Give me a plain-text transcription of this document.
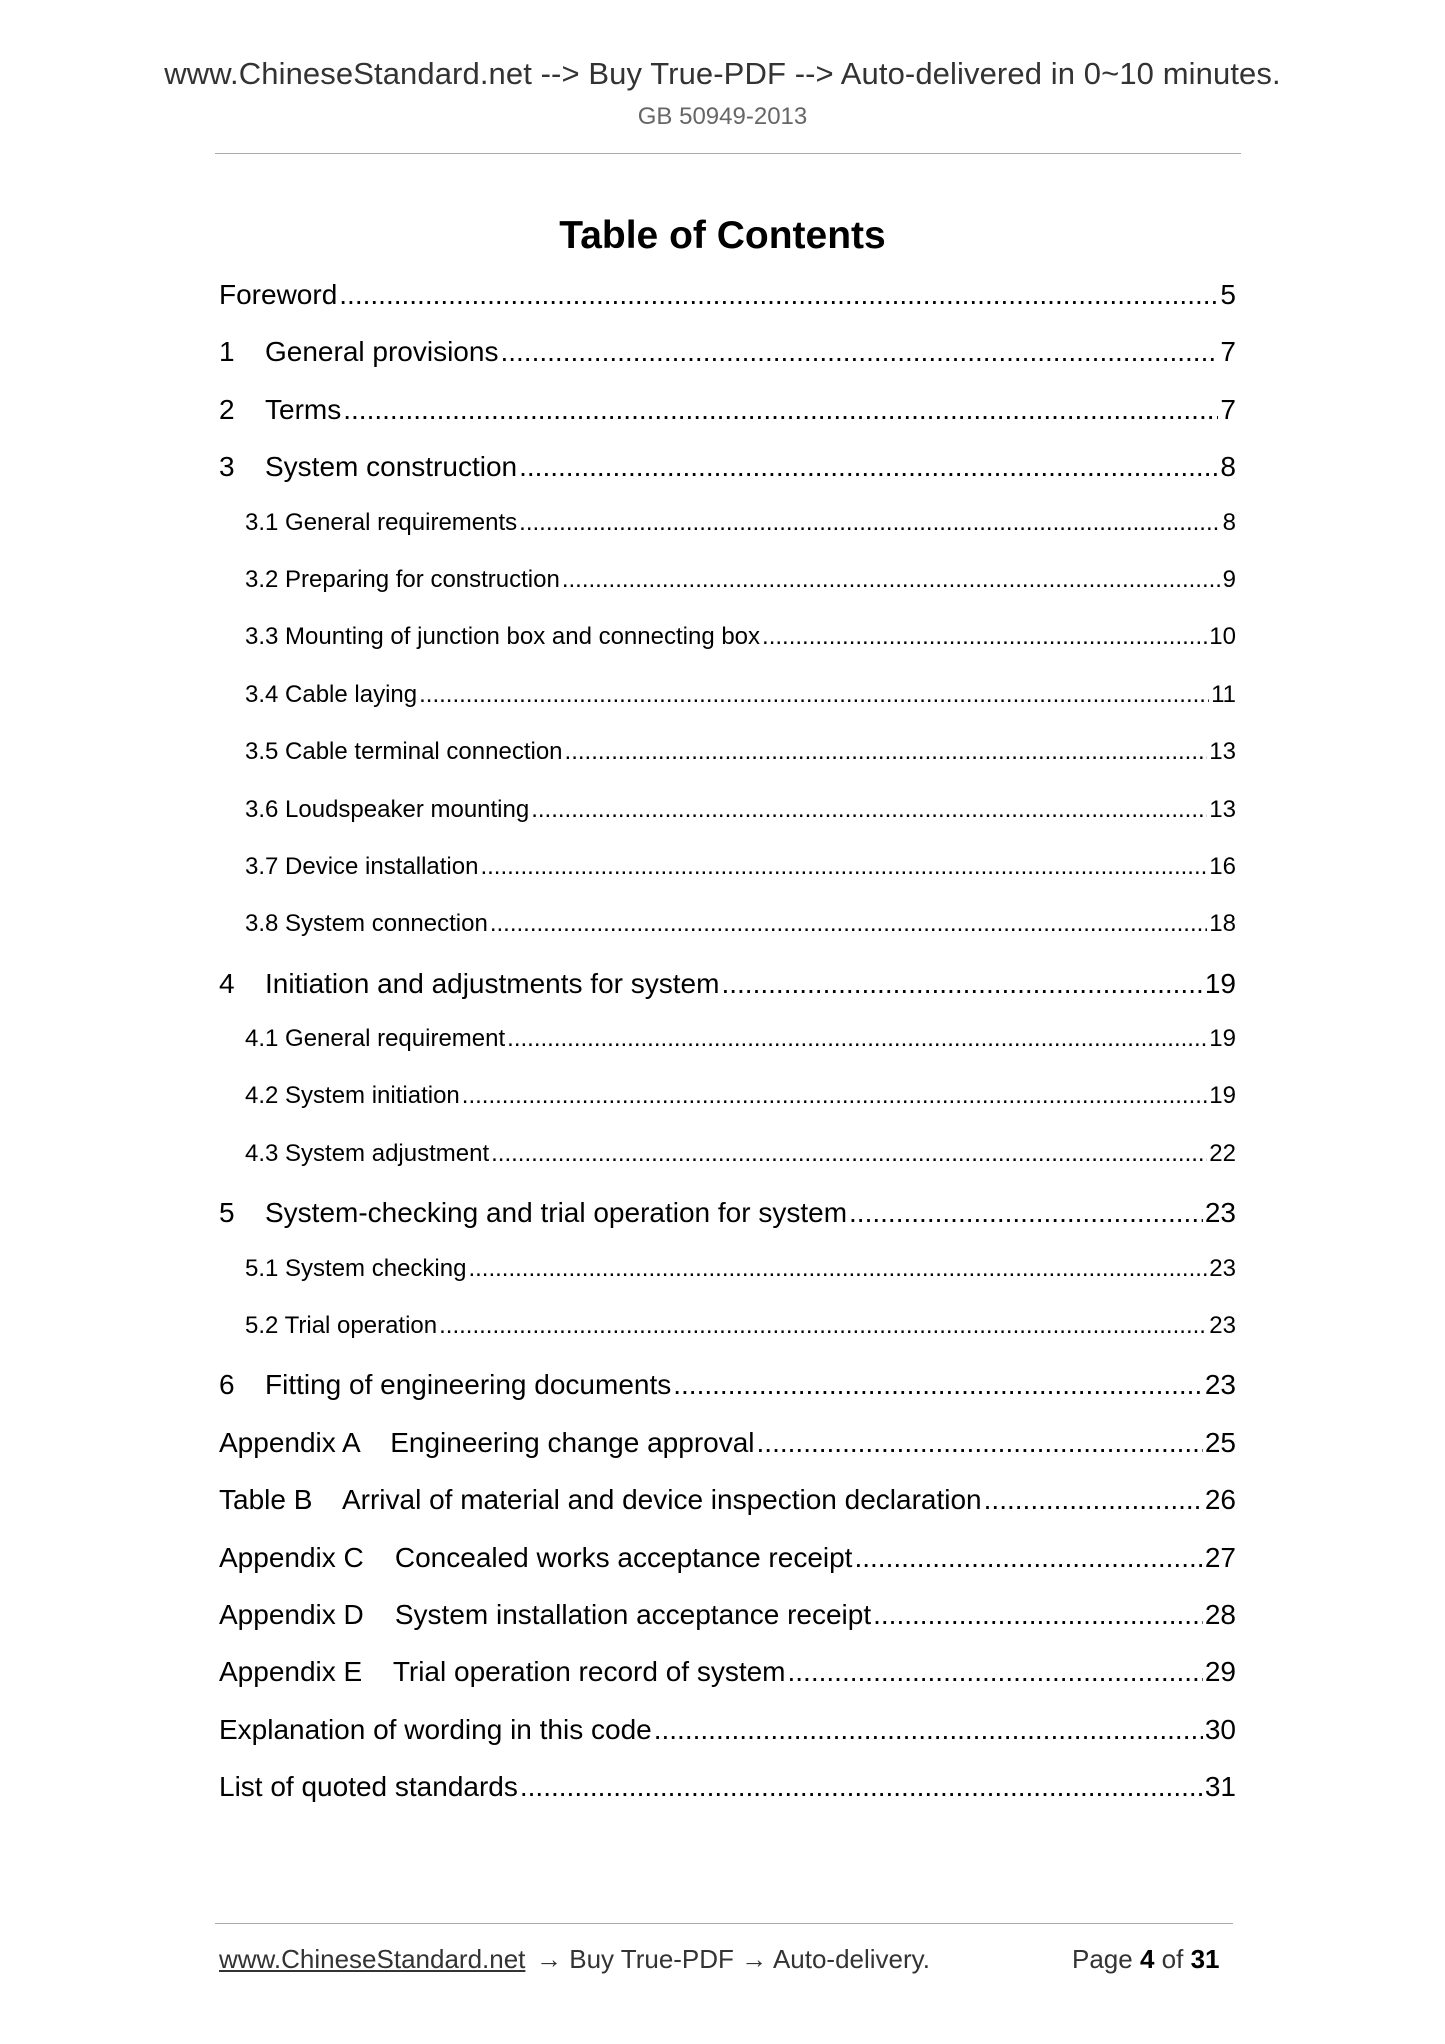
www.ChineseStandard.net --> Buy True-PDF --> Auto-delivered in 0~10 minutes.
GB 50949-2013
Table of Contents
Foreword .....	5
1	General provisions .....	7
2	Terms .....	7
3	System construction .....	8
3.1 General requirements .....	8
3.2 Preparing for construction .....	9
3.3 Mounting of junction box and connecting box .....	10
3.4 Cable laying .....	11
3.5 Cable terminal connection .....	13
3.6 Loudspeaker mounting .....	13
3.7 Device installation .....	16
3.8 System connection .....	18
4	Initiation and adjustments for system .....	19
4.1 General requirement .....	19
4.2 System initiation .....	19
4.3 System adjustment .....	22
5	System-checking and trial operation for system .....	23
5.1 System checking .....	23
5.2 Trial operation .....	23
6	Fitting of engineering documents .....	23
Appendix A    Engineering change approval .....	25
Table B    Arrival of material and device inspection declaration .....	26
Appendix C    Concealed works acceptance receipt .....	27
Appendix D    System installation acceptance receipt .....	28
Appendix E    Trial operation record of system .....	29
Explanation of wording in this code .....	30
List of quoted standards .....	31
www.ChineseStandard.net → Buy True-PDF → Auto-delivery.	Page 4 of 31
